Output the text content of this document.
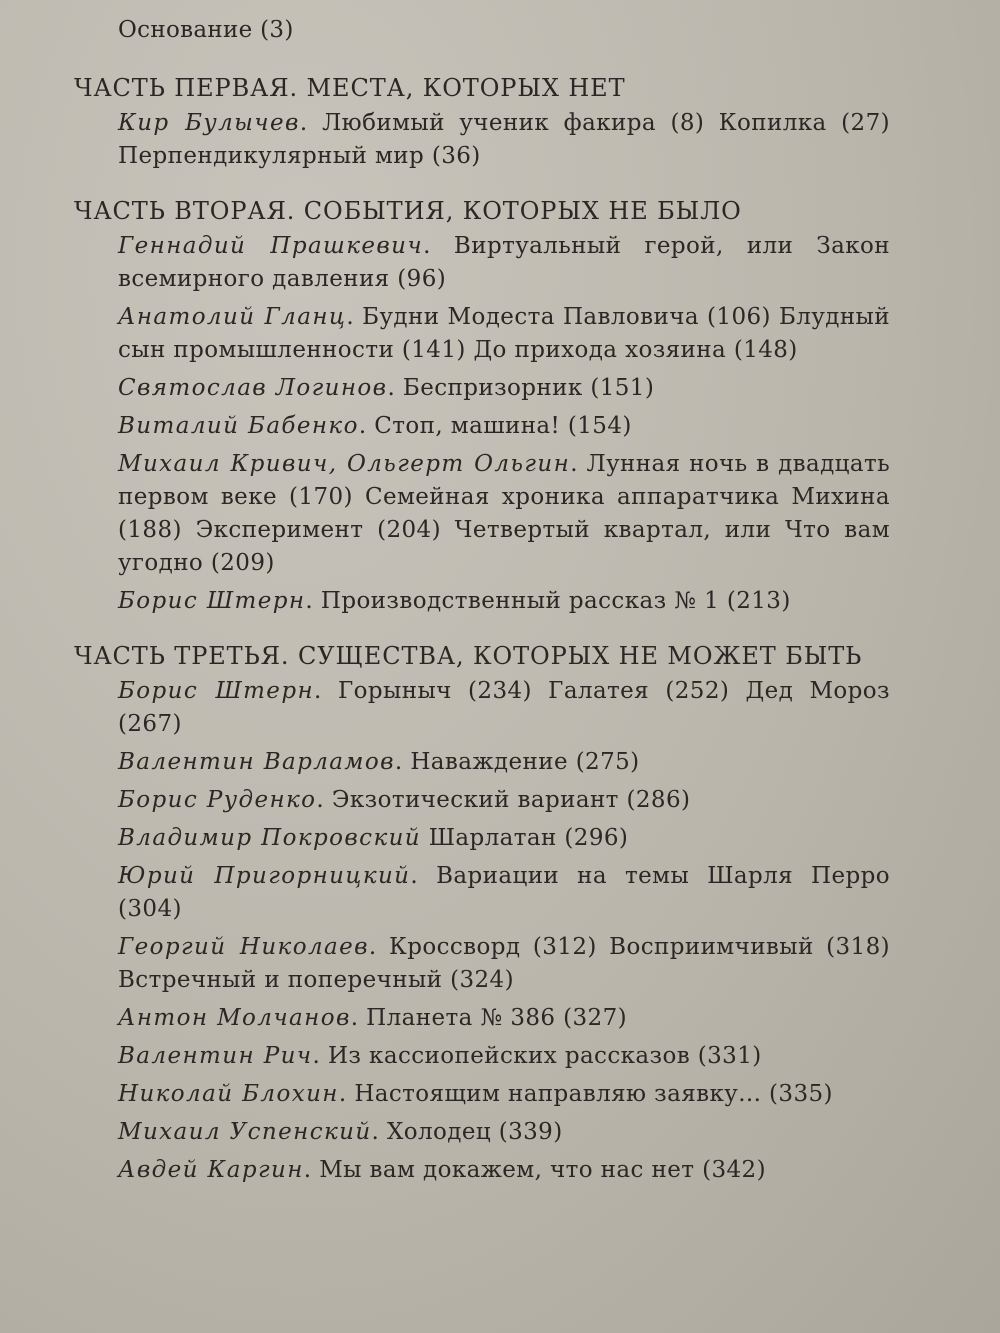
Основание (3)
ЧАСТЬ ПЕРВАЯ. МЕСТА, КОТОРЫХ НЕТ
Кир Булычев. Любимый ученик факира (8) Копилка (27) Перпендикулярный мир (36)
ЧАСТЬ ВТОРАЯ. СОБЫТИЯ, КОТОРЫХ НЕ БЫЛО
Геннадий Прашкевич. Виртуальный герой, или Закон всемирного давления (96)
Анатолий Гланц. Будни Модеста Павловича (106) Блудный сын промышленности (141) До прихода хозяина (148)
Святослав Логинов. Беспризорник (151)
Виталий Бабенко. Стоп, машина! (154)
Михаил Кривич, Ольгерт Ольгин. Лунная ночь в двадцать первом веке (170) Семейная хроника аппаратчика Михина (188) Эксперимент (204) Четвертый квартал, или Что вам угодно (209)
Борис Штерн. Производственный рассказ № 1 (213)
ЧАСТЬ ТРЕТЬЯ. СУЩЕСТВА, КОТОРЫХ НЕ МОЖЕТ БЫТЬ
Борис Штерн. Горыныч (234) Галатея (252) Дед Мороз (267)
Валентин Варламов. Наваждение (275)
Борис Руденко. Экзотический вариант (286)
Владимир Покровский Шарлатан (296)
Юрий Пригорницкий. Вариации на темы Шарля Перро (304)
Георгий Николаев. Кроссворд (312) Восприимчивый (318) Встречный и поперечный (324)
Антон Молчанов. Планета № 386 (327)
Валентин Рич. Из кассиопейских рассказов (331)
Николай Блохин. Настоящим направляю заявку... (335)
Михаил Успенский. Холодец (339)
Авдей Каргин. Мы вам докажем, что нас нет (342)
